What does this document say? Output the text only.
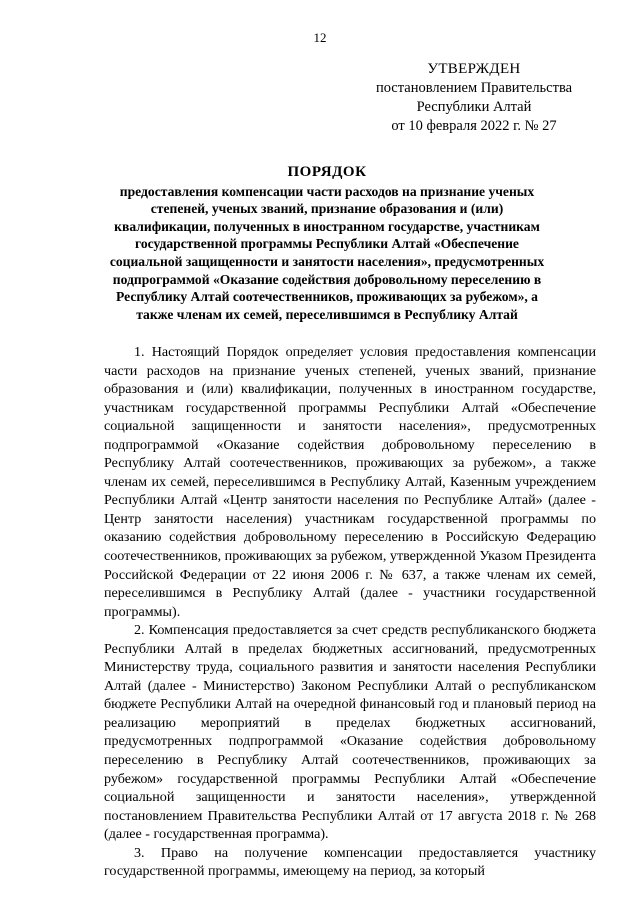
12
УТВЕРЖДЕН
постановлением Правительства
Республики Алтай
от 10 февраля 2022 г. № 27
ПОРЯДОК
предоставления компенсации части расходов на признание ученых степеней, ученых званий, признание образования и (или) квалификации, полученных в иностранном государстве, участникам государственной программы Республики Алтай «Обеспечение социальной защищенности и занятости населения», предусмотренных подпрограммой «Оказание содействия добровольному переселению в Республику Алтай соотечественников, проживающих за рубежом», а также членам их семей, переселившимся в Республику Алтай

1. Настоящий Порядок определяет условия предоставления компенсации части расходов на признание ученых степеней, ученых званий, признание образования и (или) квалификации, полученных в иностранном государстве, участникам государственной программы Республики Алтай «Обеспечение социальной защищенности и занятости населения», предусмотренных подпрограммой «Оказание содействия добровольному переселению в Республику Алтай соотечественников, проживающих за рубежом», а также членам их семей, переселившимся в Республику Алтай, Казенным учреждением Республики Алтай «Центр занятости населения по Республике Алтай» (далее - Центр занятости населения) участникам государственной программы по оказанию содействия добровольному переселению в Российскую Федерацию соотечественников, проживающих за рубежом, утвержденной Указом Президента Российской Федерации от 22 июня 2006 г. № 637, а также членам их семей, переселившимся в Республику Алтай (далее - участники государственной программы).

2. Компенсация предоставляется за счет средств республиканского бюджета Республики Алтай в пределах бюджетных ассигнований, предусмотренных Министерству труда, социального развития и занятости населения Республики Алтай (далее - Министерство) Законом Республики Алтай о республиканском бюджете Республики Алтай на очередной финансовый год и плановый период на реализацию мероприятий в пределах бюджетных ассигнований, предусмотренных подпрограммой «Оказание содействия добровольному переселению в Республику Алтай соотечественников, проживающих за рубежом» государственной программы Республики Алтай «Обеспечение социальной защищенности и занятости населения», утвержденной постановлением Правительства Республики Алтай от 17 августа 2018 г. № 268 (далее - государственная программа).

3. Право на получение компенсации предоставляется участнику государственной программы, имеющему на период, за который
